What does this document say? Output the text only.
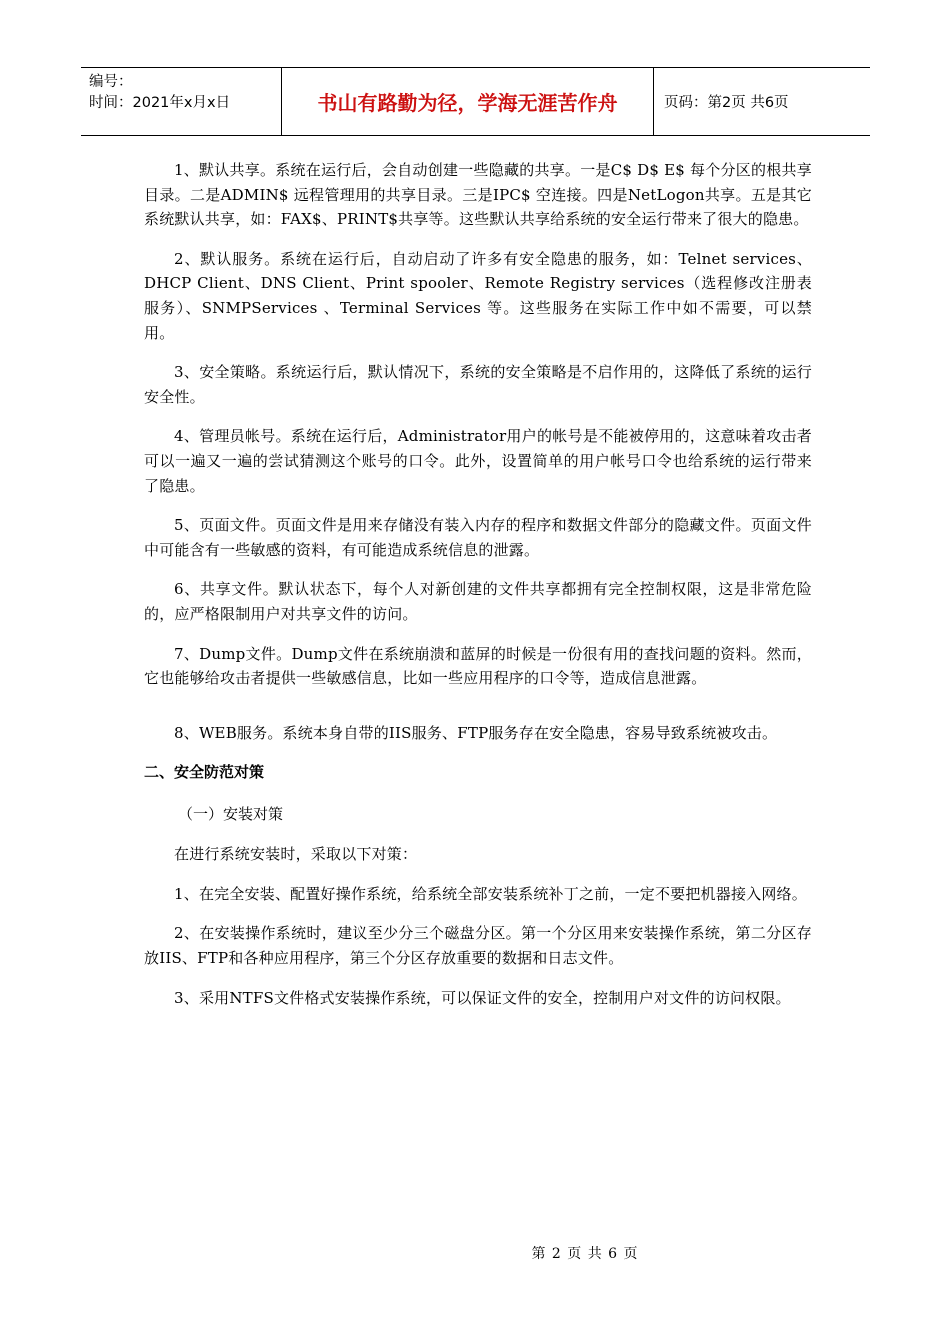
编号：
时间：2021年x月x日	书山有路勤为径，学海无涯苦作舟	页码：第2页 共6页

1、默认共享。系统在运行后，会自动创建一些隐藏的共享。一是C$ D$ E$ 每个分区的根共享目录。二是ADMIN$ 远程管理用的共享目录。三是IPC$ 空连接。四是NetLogon共享。五是其它系统默认共享，如：FAX$、PRINT$共享等。这些默认共享给系统的安全运行带来了很大的隐患。

2、默认服务。系统在运行后，自动启动了许多有安全隐患的服务，如：Telnet services、DHCP Client、DNS Client、Print spooler、Remote Registry services（选程修改注册表服务）、SNMPServices 、Terminal Services 等。这些服务在实际工作中如不需要，可以禁用。

3、安全策略。系统运行后，默认情况下，系统的安全策略是不启作用的，这降低了系统的运行安全性。

4、管理员帐号。系统在运行后，Administrator用户的帐号是不能被停用的，这意味着攻击者可以一遍又一遍的尝试猜测这个账号的口令。此外，设置简单的用户帐号口令也给系统的运行带来了隐患。

5、页面文件。页面文件是用来存储没有装入内存的程序和数据文件部分的隐藏文件。页面文件中可能含有一些敏感的资料，有可能造成系统信息的泄露。

6、共享文件。默认状态下，每个人对新创建的文件共享都拥有完全控制权限，这是非常危险的，应严格限制用户对共享文件的访问。

7、Dump文件。Dump文件在系统崩溃和蓝屏的时候是一份很有用的查找问题的资料。然而，它也能够给攻击者提供一些敏感信息，比如一些应用程序的口令等，造成信息泄露。

8、WEB服务。系统本身自带的IIS服务、FTP服务存在安全隐患，容易导致系统被攻击。

二、安全防范对策
（一）安装对策

在进行系统安装时，采取以下对策：

1、在完全安装、配置好操作系统，给系统全部安装系统补丁之前，一定不要把机器接入网络。

2、在安装操作系统时，建议至少分三个磁盘分区。第一个分区用来安装操作系统，第二分区存放IIS、FTP和各种应用程序，第三个分区存放重要的数据和日志文件。

3、采用NTFS文件格式安装操作系统，可以保证文件的安全，控制用户对文件的访问权限。

第 2 页 共 6 页
